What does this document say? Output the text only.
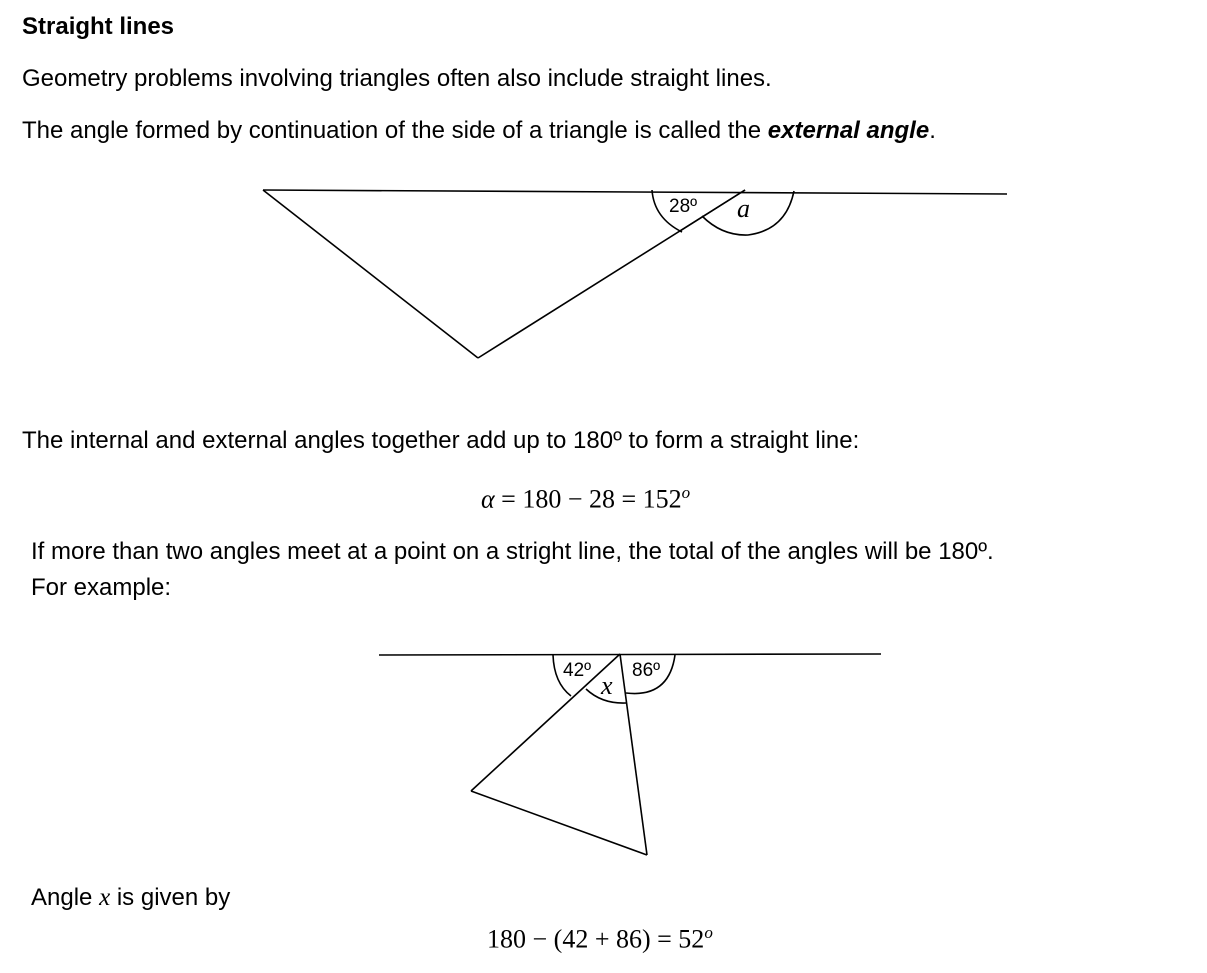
Straight lines
Geometry problems involving triangles often also include straight lines.
The angle formed by continuation of the side of a triangle is called the external angle.
28º a
The internal and external angles together add up to 180º to form a straight line:
$\alpha = 180 - 28 = 152^o$
If more than two angles meet at a point on a stright line, the total of the angles will be 180º.
For example:
42º 86º
x
Angle x is given by
$180 - (42 + 86) = 52^o$
